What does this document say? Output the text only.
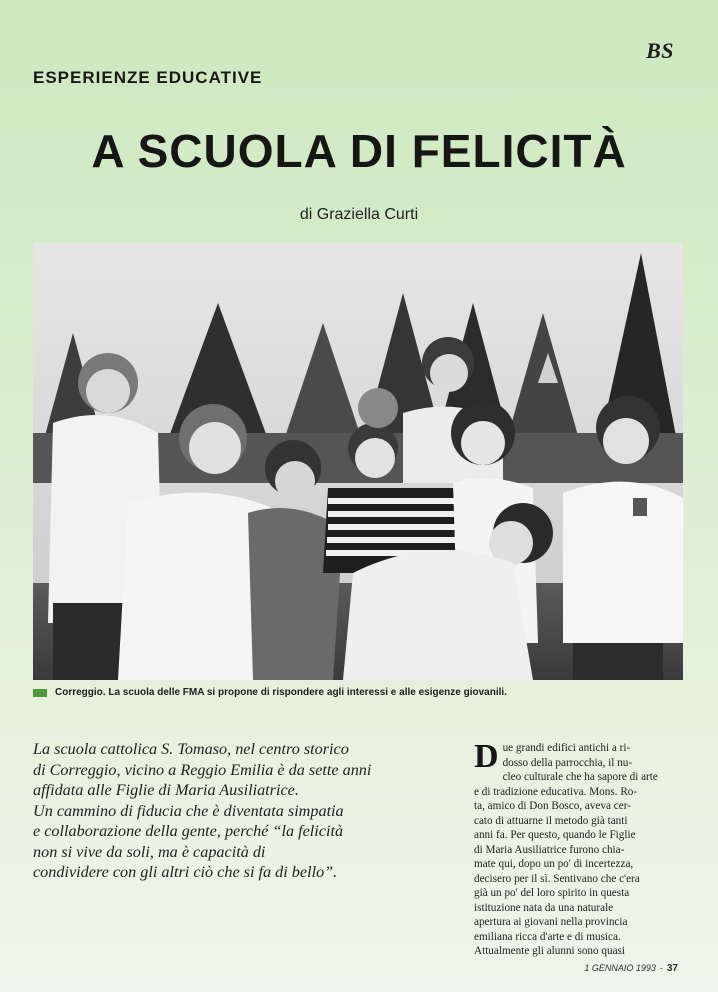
BS
ESPERIENZE EDUCATIVE
A SCUOLA DI FELICITÀ
di Graziella Curti
Correggio. La scuola delle FMA si propone di rispondere agli interessi e alle esigenze giovanili.
La scuola cattolica S. Tomaso, nel centro storico
di Correggio, vicino a Reggio Emilia è da sette anni
affidata alle Figlie di Maria Ausiliatrice.
Un cammino di fiducia che è diventata simpatia
e collaborazione della gente, perché “la felicità
non si vive da soli, ma è capacità di
condividere con gli altri ciò che si fa di bello”.
D ue grandi edifici antichi a ri-
dosso della parrocchia, il nu-
cleo culturale che ha sapore di arte
e di tradizione educativa. Mons. Ro-
ta, amico di Don Bosco, aveva cer-
cato di attuarne il metodo già tanti
anni fa. Per questo, quando le Figlie
di Maria Ausiliatrice furono chia-
mate qui, dopo un po' di incertezza,
decisero per il sì. Sentivano che c'era
già un po' del loro spirito in questa
istituzione nata da una naturale
apertura ai giovani nella provincia
emiliana ricca d'arte e di musica.
Attualmente gli alunni sono quasi
1 GENNAIO 1993 - 37
